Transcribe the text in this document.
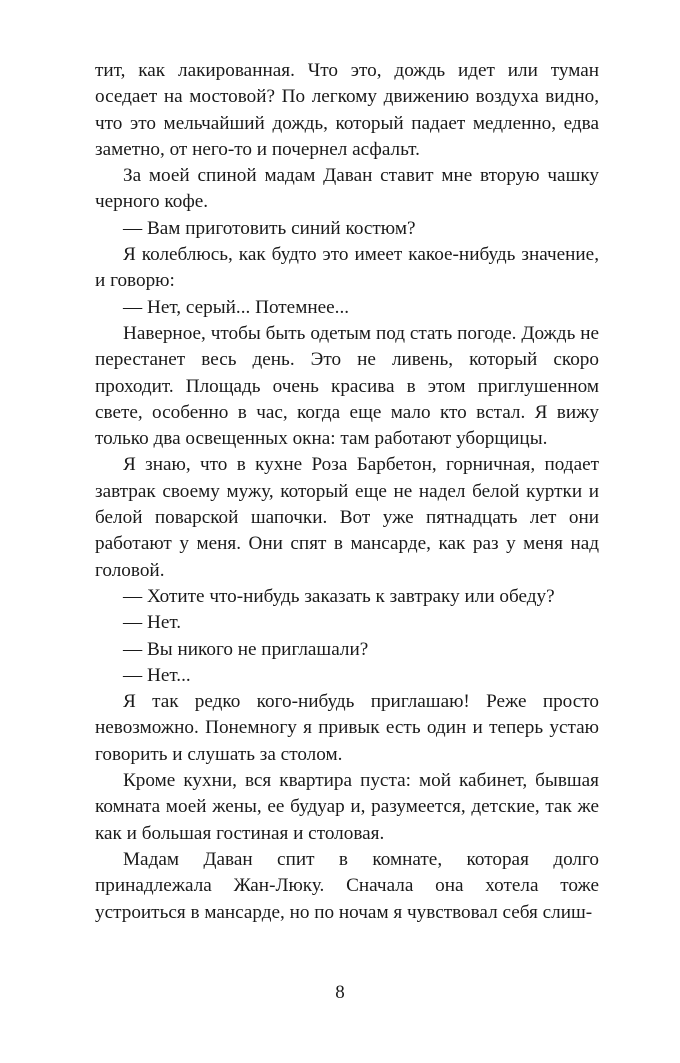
тит, как лакированная. Что это, дождь идет или туман оседает на мостовой? По легкому движению воздуха видно, что это мельчайший дождь, который падает медленно, едва заметно, от него-то и почернел асфальт.

За моей спиной мадам Даван ставит мне вторую чашку черного кофе.

— Вам приготовить синий костюм?

Я колеблюсь, как будто это имеет какое-нибудь значение, и говорю:

— Нет, серый... Потемнее...

Наверное, чтобы быть одетым под стать погоде. Дождь не перестанет весь день. Это не ливень, который скоро проходит. Площадь очень красива в этом приглушенном свете, особенно в час, когда еще мало кто встал. Я вижу только два освещенных окна: там работают уборщицы.

Я знаю, что в кухне Роза Барбетон, горничная, подает завтрак своему мужу, который еще не надел белой куртки и белой поварской шапочки. Вот уже пятнадцать лет они работают у меня. Они спят в мансарде, как раз у меня над головой.

— Хотите что-нибудь заказать к завтраку или обеду?

— Нет.

— Вы никого не приглашали?

— Нет...

Я так редко кого-нибудь приглашаю! Реже просто невозможно. Понемногу я привык есть один и теперь устаю говорить и слушать за столом.

Кроме кухни, вся квартира пуста: мой кабинет, бывшая комната моей жены, ее будуар и, разумеется, детские, так же как и большая гостиная и столовая.

Мадам Даван спит в комнате, которая долго принадлежала Жан-Люку. Сначала она хотела тоже устроиться в мансарде, но по ночам я чувствовал себя слиш-

8
